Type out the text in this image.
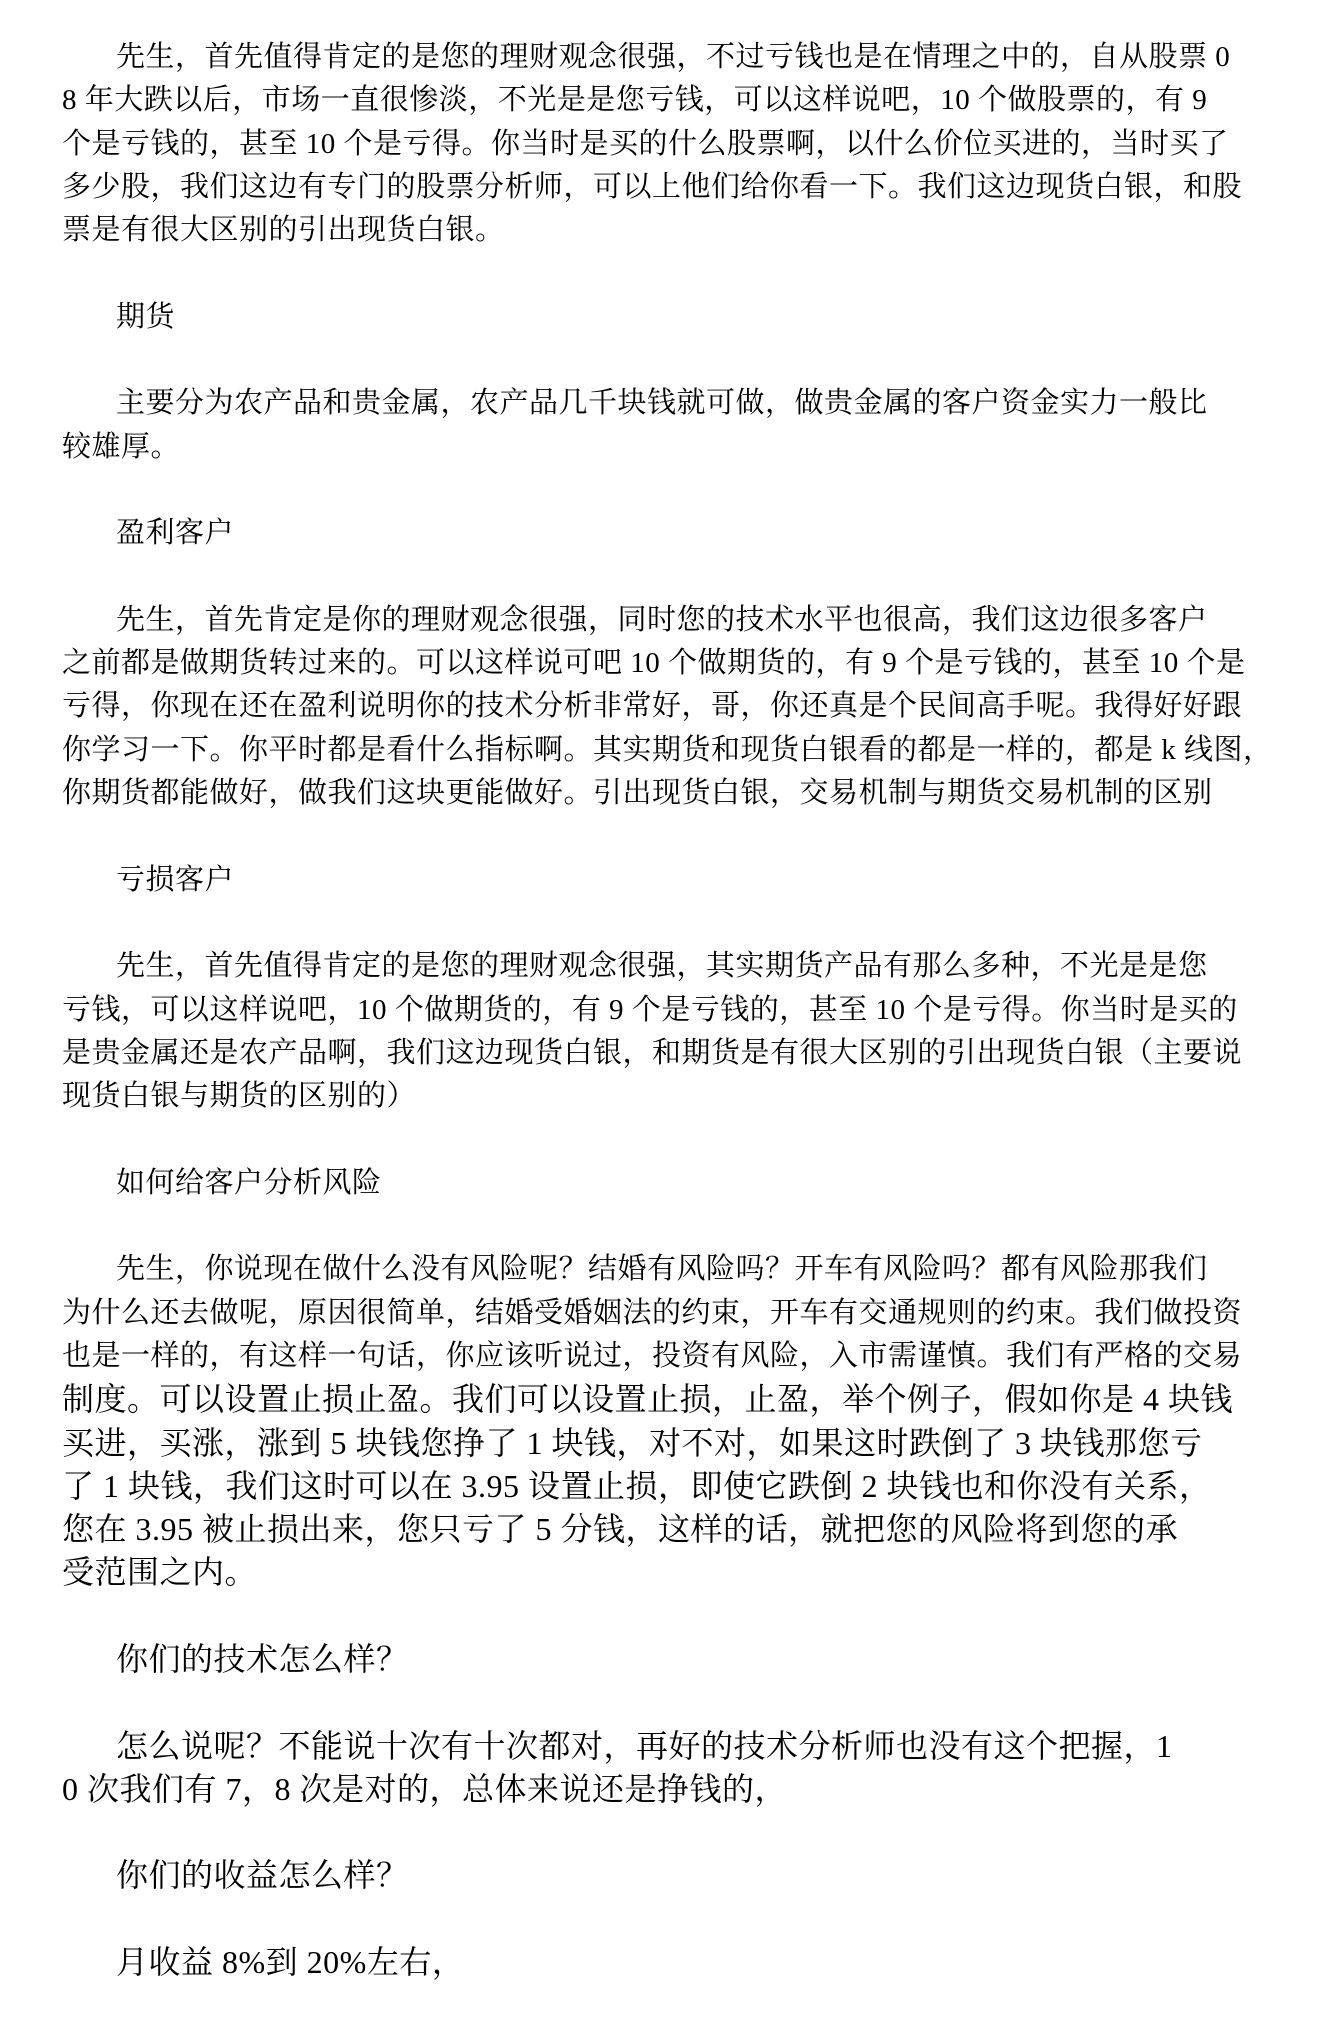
先生，首先值得肯定的是您的理财观念很强，不过亏钱也是在情理之中的，自从股票 0
8 年大跌以后，市场一直很惨淡，不光是是您亏钱，可以这样说吧，10 个做股票的，有 9
个是亏钱的，甚至 10 个是亏得。你当时是买的什么股票啊，以什么价位买进的，当时买了
多少股，我们这边有专门的股票分析师，可以上他们给你看一下。我们这边现货白银，和股
票是有很大区别的引出现货白银。
期货
主要分为农产品和贵金属，农产品几千块钱就可做，做贵金属的客户资金实力一般比
较雄厚。
盈利客户
先生，首先肯定是你的理财观念很强，同时您的技术水平也很高，我们这边很多客户
之前都是做期货转过来的。可以这样说可吧 10 个做期货的，有 9 个是亏钱的，甚至 10 个是
亏得，你现在还在盈利说明你的技术分析非常好，哥，你还真是个民间高手呢。我得好好跟
你学习一下。你平时都是看什么指标啊。其实期货和现货白银看的都是一样的，都是 k 线图，
你期货都能做好，做我们这块更能做好。引出现货白银，交易机制与期货交易机制的区别
亏损客户
先生，首先值得肯定的是您的理财观念很强，其实期货产品有那么多种，不光是是您
亏钱，可以这样说吧，10 个做期货的，有 9 个是亏钱的，甚至 10 个是亏得。你当时是买的
是贵金属还是农产品啊，我们这边现货白银，和期货是有很大区别的引出现货白银（主要说
现货白银与期货的区别的）
如何给客户分析风险
先生，你说现在做什么没有风险呢？结婚有风险吗？开车有风险吗？都有风险那我们
为什么还去做呢，原因很简单，结婚受婚姻法的约束，开车有交通规则的约束。我们做投资
也是一样的，有这样一句话，你应该听说过，投资有风险，入市需谨慎。我们有严格的交易
制度。可以设置止损止盈。我们可以设置止损，止盈，举个例子，假如你是 4 块钱
买进，买涨，涨到 5 块钱您挣了 1 块钱，对不对，如果这时跌倒了 3 块钱那您亏
了 1 块钱，我们这时可以在 3.95 设置止损，即使它跌倒 2 块钱也和你没有关系，
您在 3.95 被止损出来，您只亏了 5 分钱，这样的话，就把您的风险将到您的承
受范围之内。
你们的技术怎么样？
怎么说呢？不能说十次有十次都对，再好的技术分析师也没有这个把握，1
0 次我们有 7，8 次是对的，总体来说还是挣钱的，
你们的收益怎么样？
月收益 8%到 20%左右，
